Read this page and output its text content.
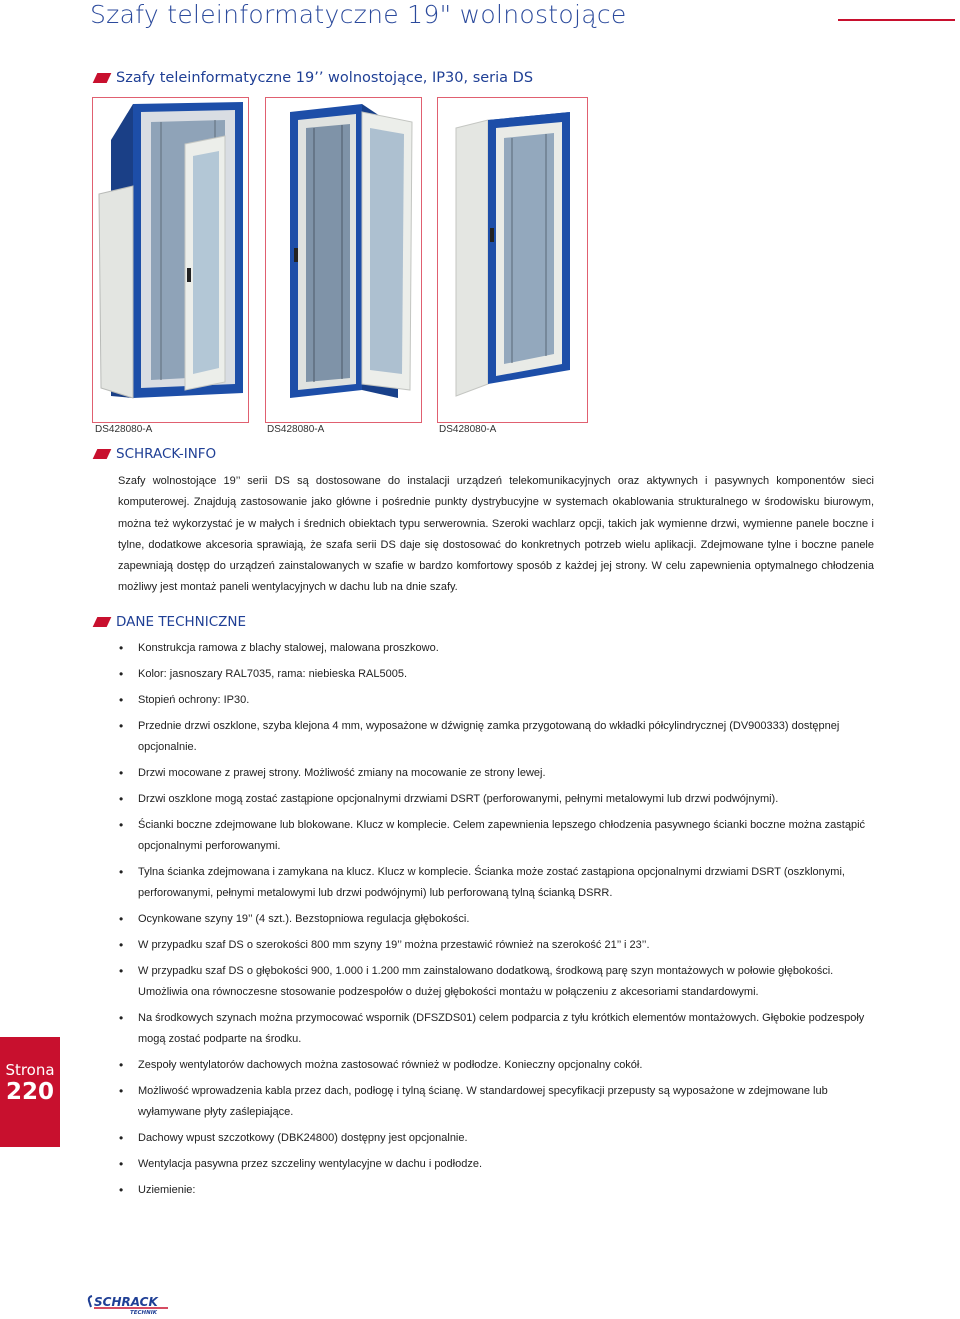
Szafy teleinformatyczne 19" wolnostojące
Szafy teleinformatyczne 19’’ wolnostojące, IP30, seria DS
DS428080-A	DS428080-A	DS428080-A
SCHRACK-INFO

Szafy wolnostojące 19’’ serii DS są dostosowane do instalacji urządzeń telekomunikacyjnych oraz aktywnych i pasywnych komponentów sieci komputerowej. Znajdują zastosowanie jako główne i pośrednie punkty dystrybucyjne w systemach okablowania strukturalnego w środowisku biurowym, można też wykorzystać je w małych i średnich obiektach typu serwerownia. Szeroki wachlarz opcji, takich jak wymienne drzwi, wymienne panele boczne i tylne, dodatkowe akcesoria sprawiają, że szafa serii DS daje się dostosować do konkretnych potrzeb wielu aplikacji. Zdejmowane tylne i boczne panele zapewniają dostęp do urządzeń zainstalowanych w szafie w bardzo komfortowy sposób z każdej jej strony. W celu zapewnienia optymalnego chłodzenia możliwy jest montaż paneli wentylacyjnych w dachu lub na dnie szafy.

DANE TECHNICZNE
• Konstrukcja ramowa z blachy stalowej, malowana proszkowo.
• Kolor: jasnoszary RAL7035, rama: niebieska RAL5005.
• Stopień ochrony: IP30.
• Przednie drzwi oszklone, szyba klejona 4 mm, wyposażone w dźwignię zamka przygotowaną do wkładki półcylindrycznej (DV900333) dostępnej opcjonalnie.
• Drzwi mocowane z prawej strony. Możliwość zmiany na mocowanie ze strony lewej.
• Drzwi oszklone mogą zostać zastąpione opcjonalnymi drzwiami DSRT (perforowanymi, pełnymi metalowymi lub drzwi podwójnymi).
• Ścianki boczne zdejmowane lub blokowane. Klucz w komplecie. Celem zapewnienia lepszego chłodzenia pasywnego ścianki boczne można zastąpić opcjonalnymi perforowanymi.
• Tylna ścianka zdejmowana i zamykana na klucz. Klucz w komplecie. Ścianka może zostać zastąpiona opcjonalnymi drzwiami DSRT (oszklonymi, perforowanymi, pełnymi metalowymi lub drzwi podwójnymi) lub perforowaną tylną ścianką DSRR.
• Ocynkowane szyny 19’’ (4 szt.). Bezstopniowa regulacja głębokości.
• W przypadku szaf DS o szerokości 800 mm szyny 19’’ można przestawić również na szerokość 21’’ i 23’’.
• W przypadku szaf DS o głębokości 900, 1.000 i 1.200 mm zainstalowano dodatkową, środkową parę szyn montażowych w połowie głębokości. Umożliwia ona równoczesne stosowanie podzespołów o dużej głębokości montażu w połączeniu z akcesoriami standardowymi.
• Na środkowych szynach można przymocować wspornik (DFSZDS01) celem podparcia z tyłu krótkich elementów montażowych. Głębokie podzespoły mogą zostać podparte na środku.
• Zespoły wentylatorów dachowych można zastosować również w podłodze. Konieczny opcjonalny cokół.
• Możliwość wprowadzenia kabla przez dach, podłogę i tylną ścianę. W standardowej specyfikacji przepusty są wyposażone w zdejmowane lub wyłamywane płyty zaślepiające.
• Dachowy wpust szczotkowy (DBK24800) dostępny jest opcjonalnie.
• Wentylacja pasywna przez szczeliny wentylacyjne w dachu i podłodze.
• Uziemienie:
Strona
220
SCHRACK
TECHNIK
